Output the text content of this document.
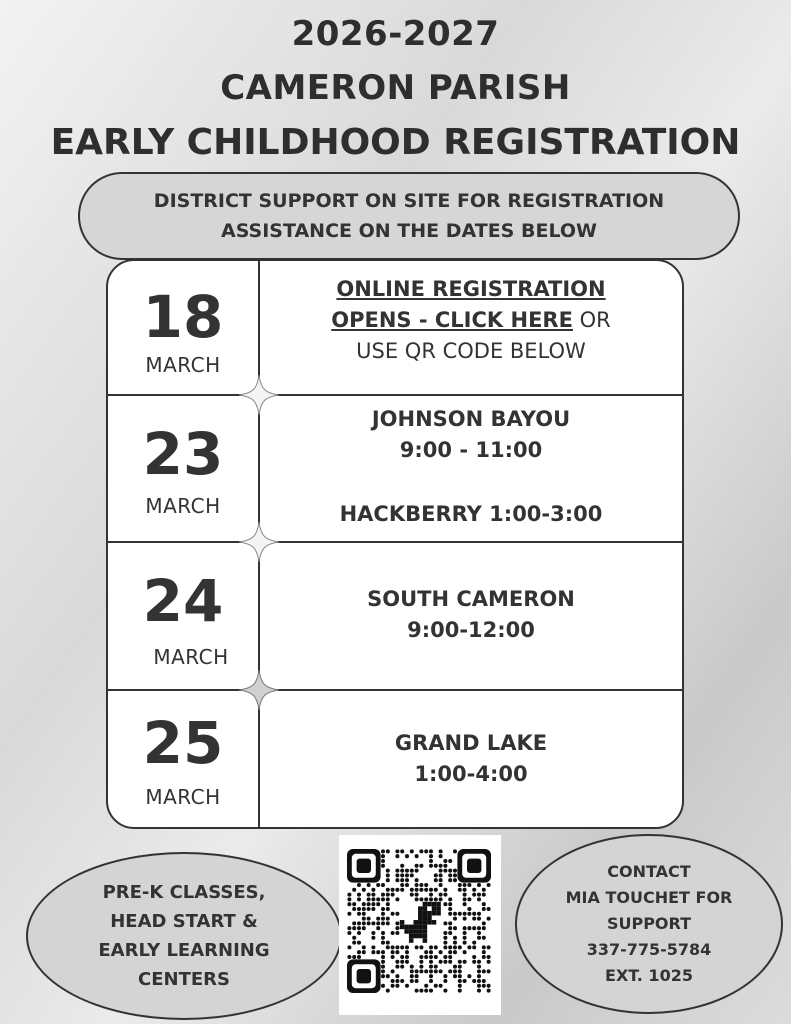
2026-2027
CAMERON PARISH
EARLY CHILDHOOD REGISTRATION
DISTRICT SUPPORT ON SITE FOR REGISTRATION
ASSISTANCE ON THE DATES BELOW
18
MARCH
ONLINE REGISTRATION
OPENS - CLICK HERE OR
USE QR CODE BELOW
23
MARCH
JOHNSON BAYOU
9:00 - 11:00
HACKBERRY 1:00-3:00
24
MARCH
SOUTH CAMERON
9:00-12:00
25
MARCH
GRAND LAKE
1:00-4:00
PRE-K CLASSES,
HEAD START &
EARLY LEARNING
CENTERS
CONTACT
MIA TOUCHET FOR
SUPPORT
337-775-5784
EXT. 1025
